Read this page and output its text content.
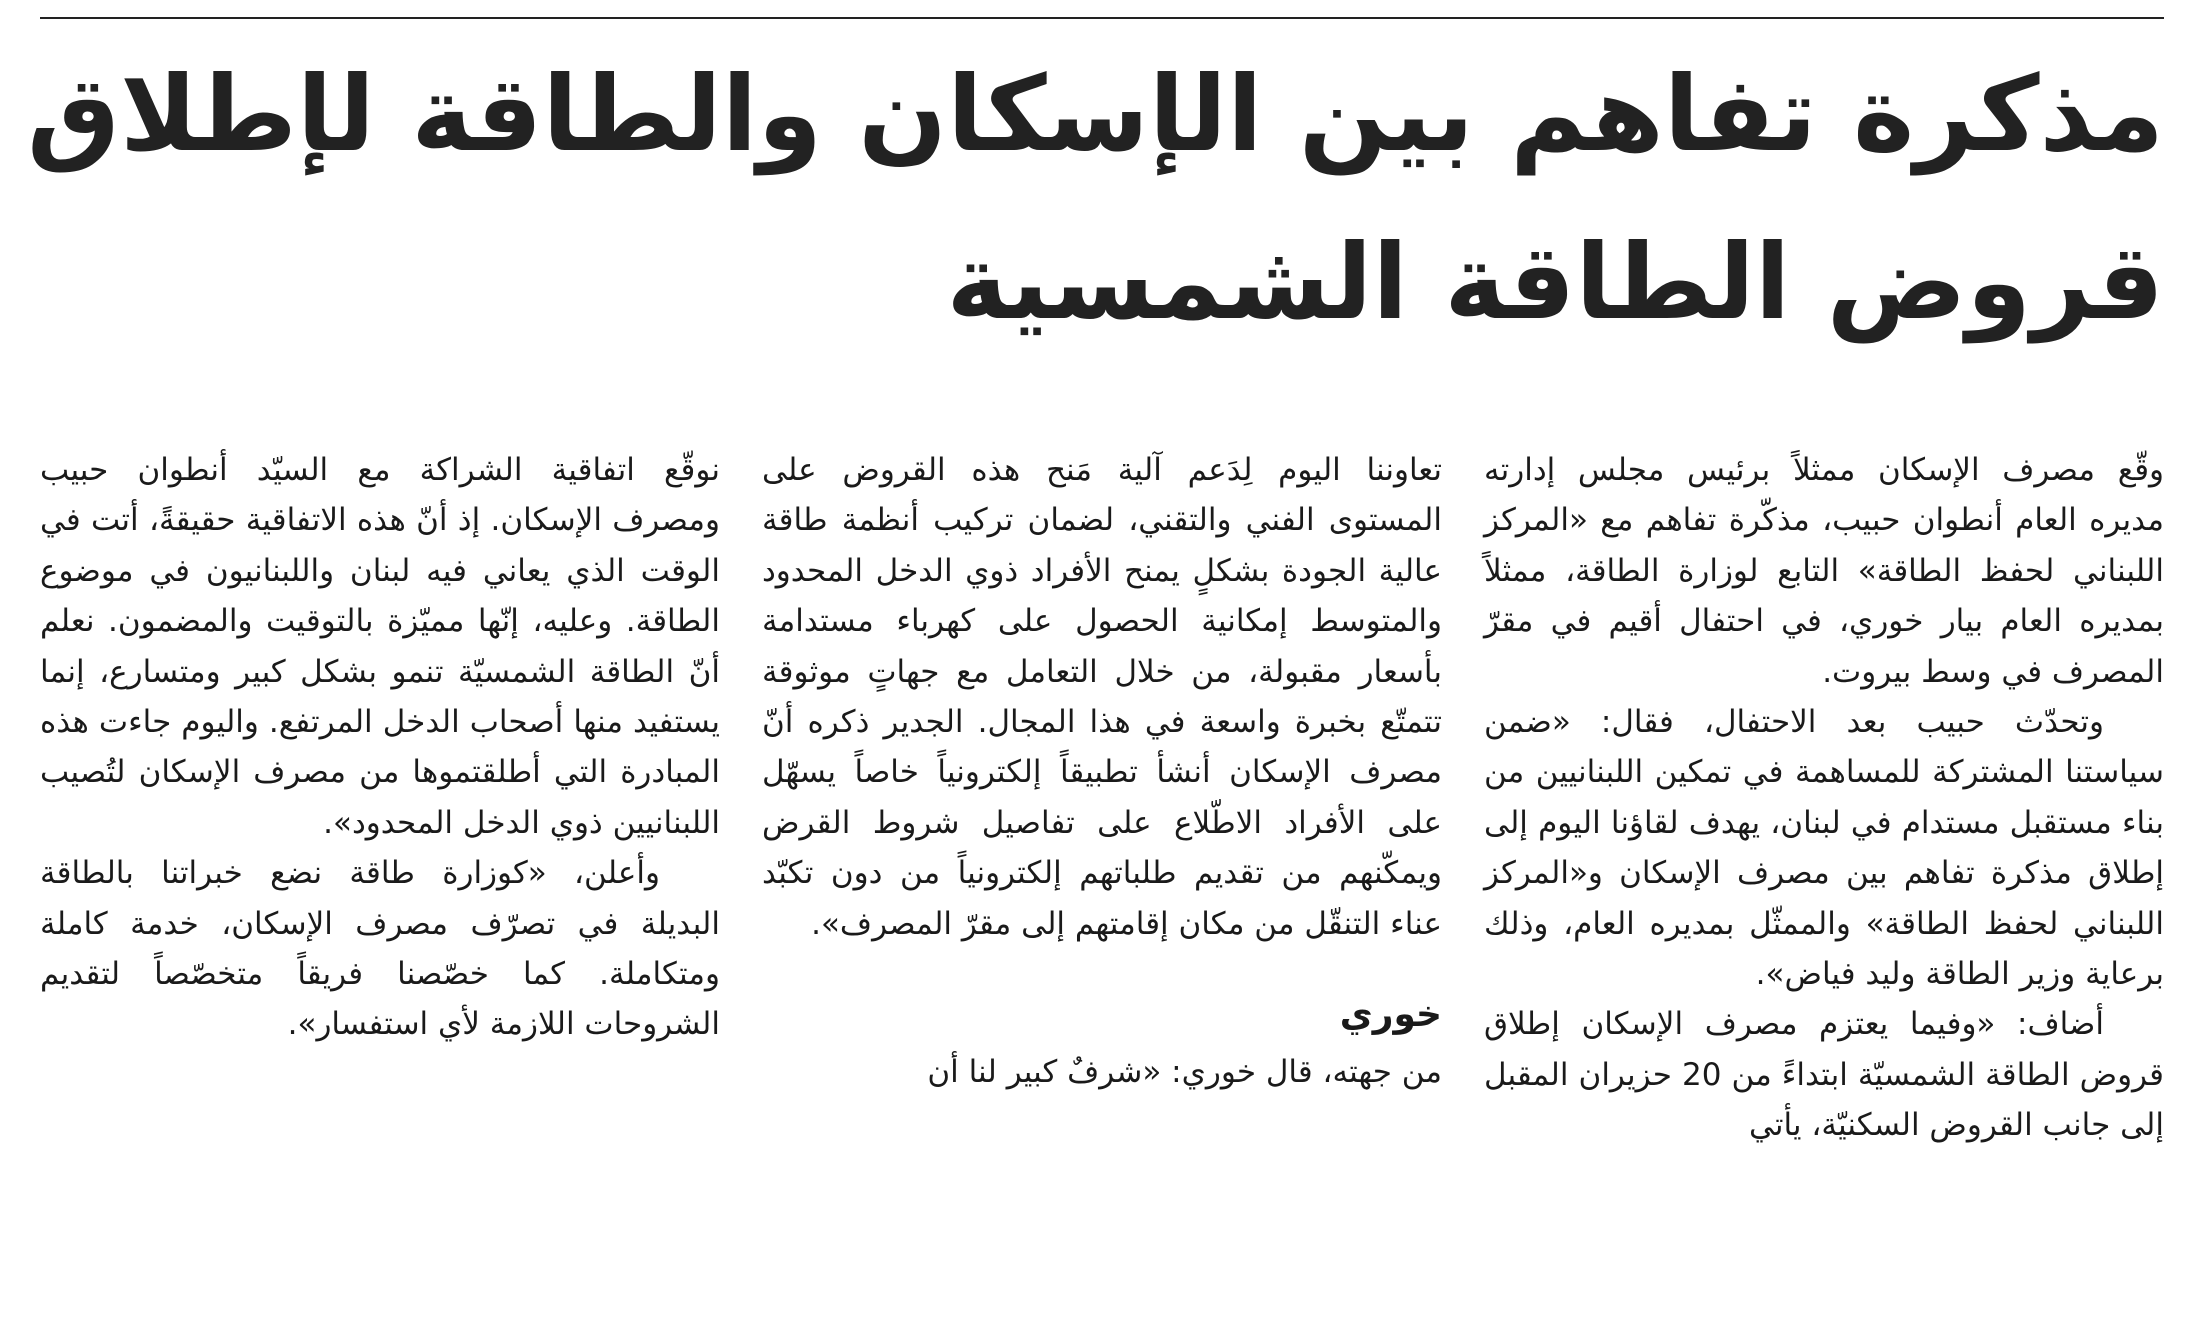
مذكرة تفاهم بين الإسكان والطاقة لإطلاق
قروض الطاقة الشمسية

وقّع مصرف الإسكان ممثلاً برئيس مجلس إدارته مديره العام أنطوان حبيب، مذكّرة تفاهم مع «المركز اللبناني لحفظ الطاقة» التابع لوزارة الطاقة، ممثلاً بمديره العام بيار خوري، في احتفال أقيم في مقرّ المصرف في وسط بيروت.

وتحدّث حبيب بعد الاحتفال، فقال: «ضمن سياستنا المشتركة للمساهمة في تمكين اللبنانيين من بناء مستقبل مستدام في لبنان، يهدف لقاؤنا اليوم إلى إطلاق مذكرة تفاهم بين مصرف الإسكان و«المركز اللبناني لحفظ الطاقة» والممثّل بمديره العام، وذلك برعاية وزير الطاقة وليد فياض».

أضاف: «وفيما يعتزم مصرف الإسكان إطلاق قروض الطاقة الشمسيّة ابتداءً من 20 حزيران المقبل إلى جانب القروض السكنيّة، يأتي

تعاوننا اليوم لِدَعم آلية مَنح هذه القروض على المستوى الفني والتقني، لضمان تركيب أنظمة طاقة عالية الجودة بشكلٍ يمنح الأفراد ذوي الدخل المحدود والمتوسط إمكانية الحصول على كهرباء مستدامة بأسعار مقبولة، من خلال التعامل مع جهاتٍ موثوقة تتمتّع بخبرة واسعة في هذا المجال. الجدير ذكره أنّ مصرف الإسكان أنشأ تطبيقاً إلكترونياً خاصاً يسهّل على الأفراد الاطّلاع على تفاصيل شروط القرض ويمكّنهم من تقديم طلباتهم إلكترونياً من دون تكبّد عناء التنقّل من مكان إقامتهم إلى مقرّ المصرف».

خوري

من جهته، قال خوري: «شرفٌ كبير لنا أن

نوقّع اتفاقية الشراكة مع السيّد أنطوان حبيب ومصرف الإسكان. إذ أنّ هذه الاتفاقية حقيقةً، أتت في الوقت الذي يعاني فيه لبنان واللبنانيون في موضوع الطاقة. وعليه، إنّها مميّزة بالتوقيت والمضمون. نعلم أنّ الطاقة الشمسيّة تنمو بشكل كبير ومتسارع، إنما يستفيد منها أصحاب الدخل المرتفع. واليوم جاءت هذه المبادرة التي أطلقتموها من مصرف الإسكان لتُصيب اللبنانيين ذوي الدخل المحدود».

وأعلن، «كوزارة طاقة نضع خبراتنا بالطاقة البديلة في تصرّف مصرف الإسكان، خدمة كاملة ومتكاملة. كما خصّصنا فريقاً متخصّصاً لتقديم الشروحات اللازمة لأي استفسار».
